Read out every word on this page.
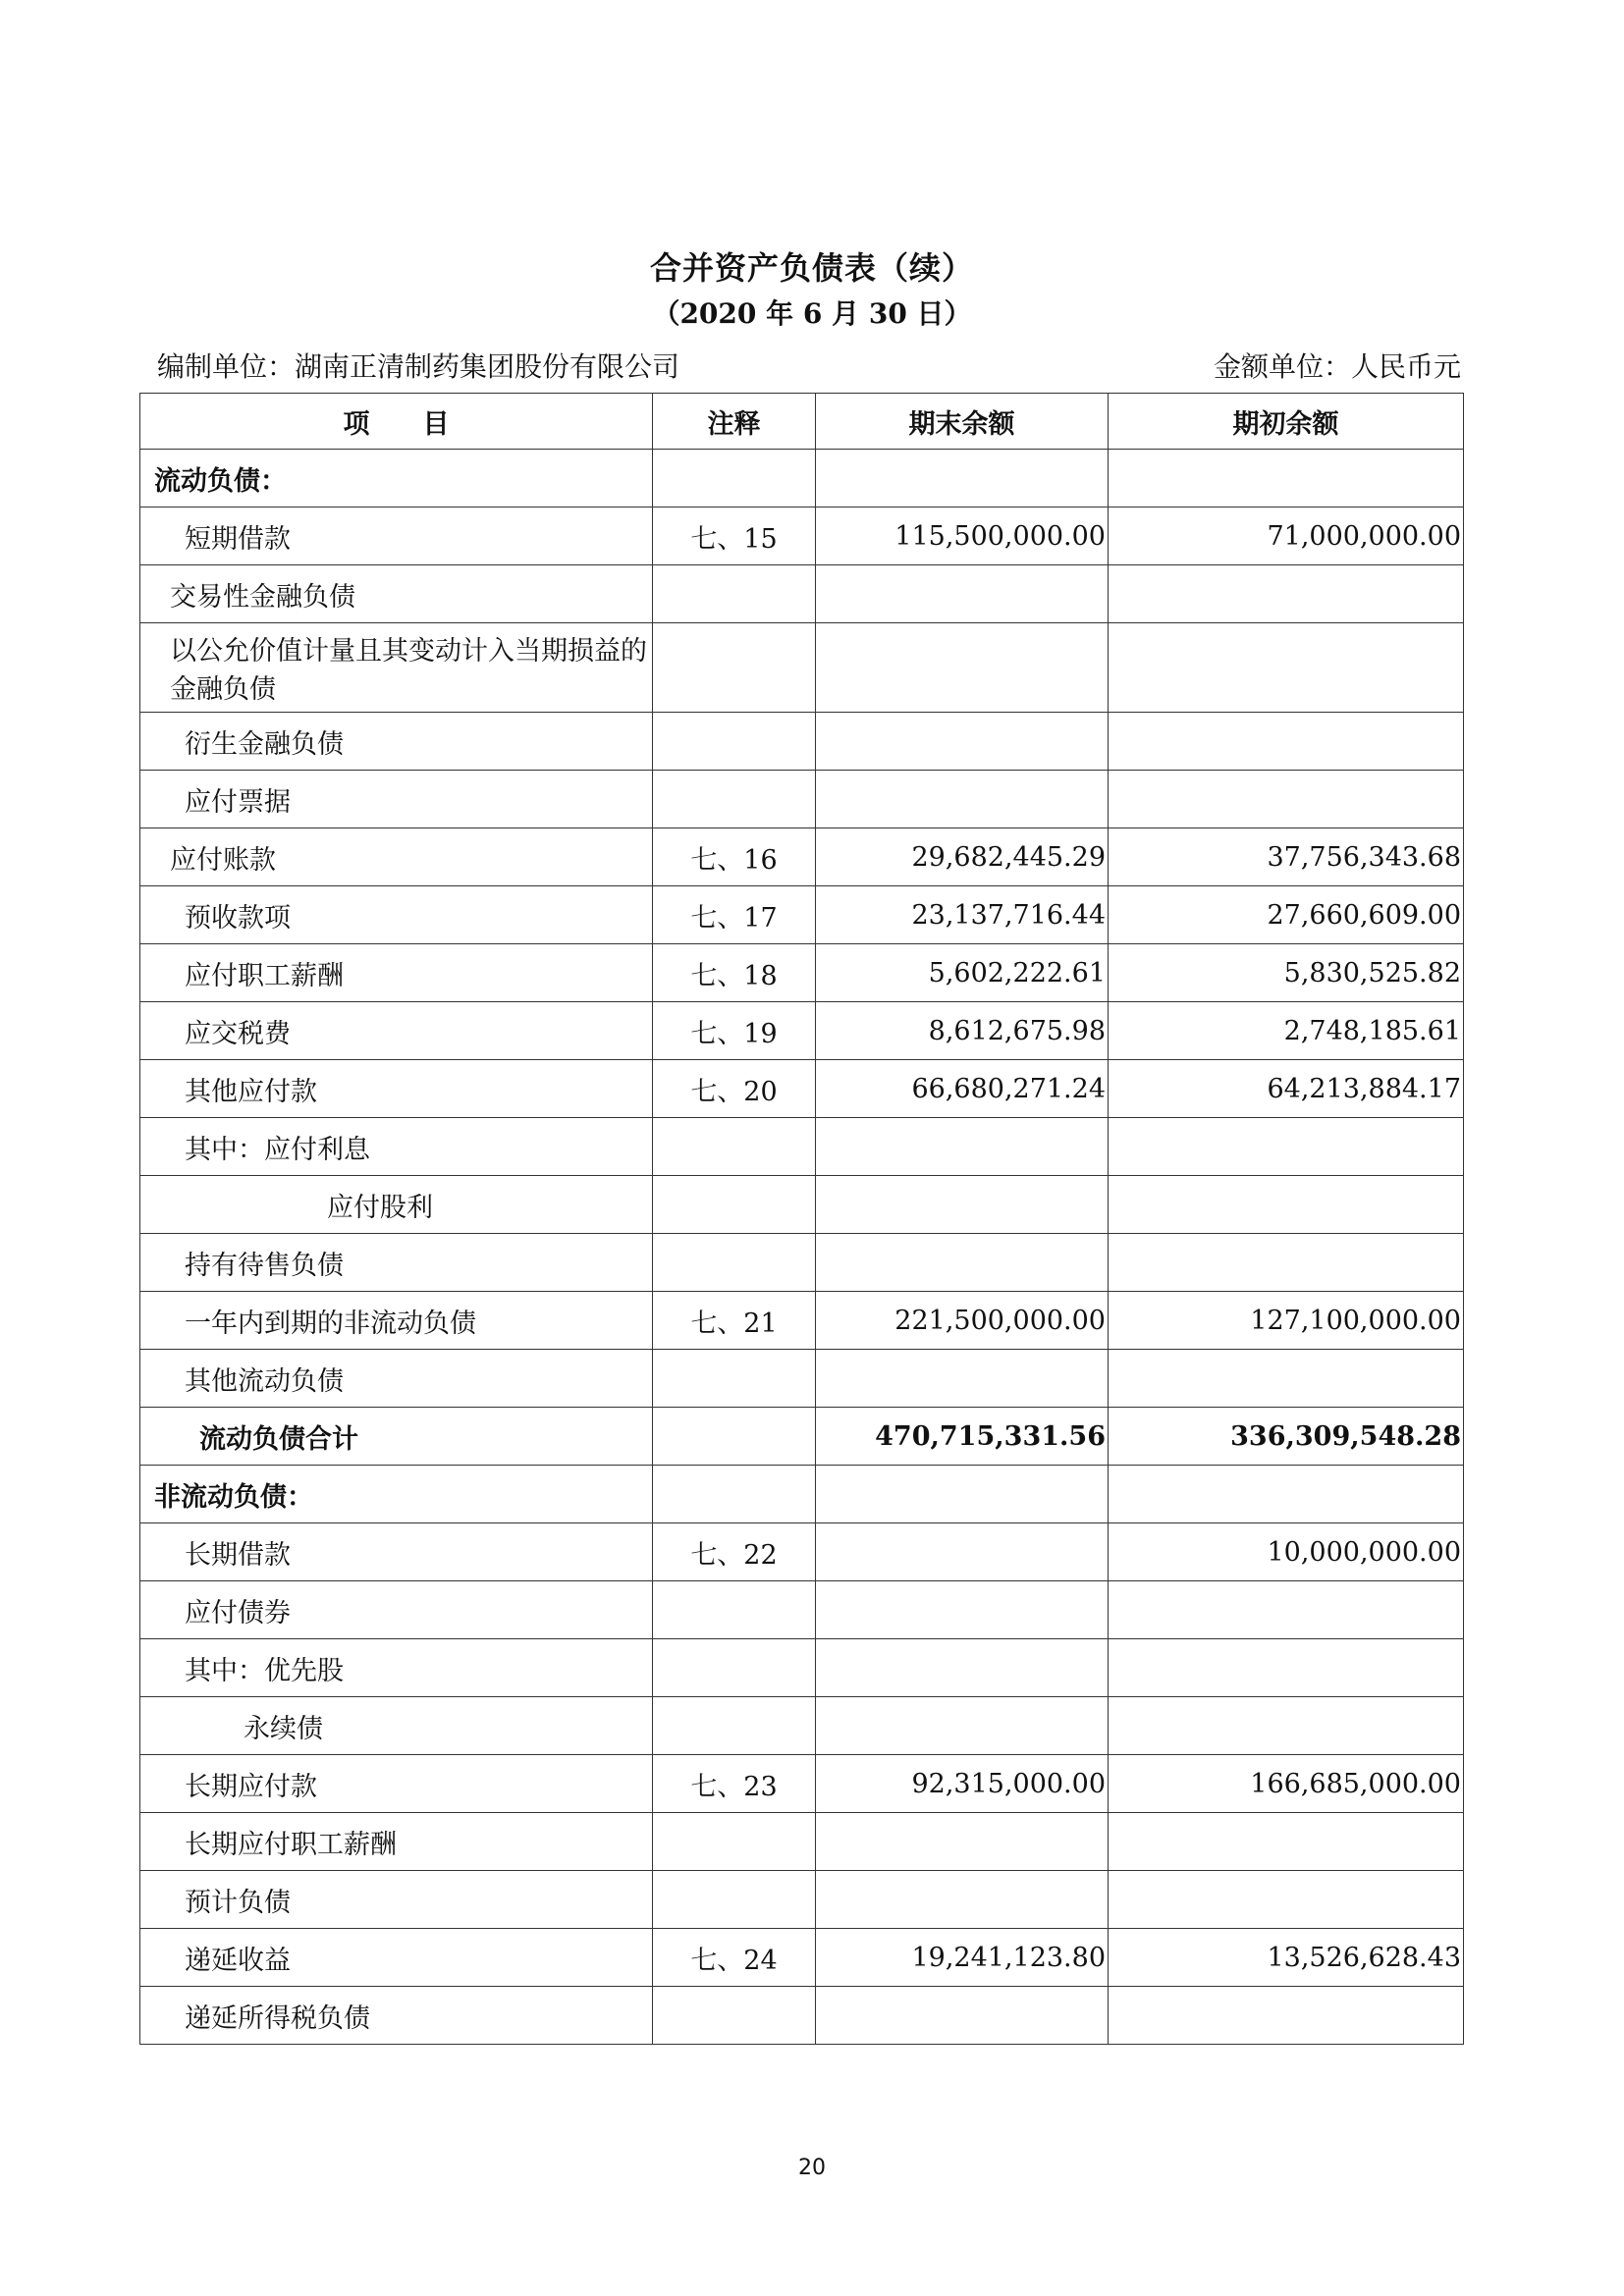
合并资产负债表（续）
（2020 年 6 月 30 日）
编制单位：湖南正清制药集团股份有限公司	金额单位：人民币元
项　　目	注释	期末余额	期初余额
流动负债：			
短期借款	七、15	115,500,000.00	71,000,000.00
交易性金融负债			
以公允价值计量且其变动计入当期损益的金融负债			
衍生金融负债			
应付票据			
应付账款	七、16	29,682,445.29	37,756,343.68
预收款项	七、17	23,137,716.44	27,660,609.00
应付职工薪酬	七、18	5,602,222.61	5,830,525.82
应交税费	七、19	8,612,675.98	2,748,185.61
其他应付款	七、20	66,680,271.24	64,213,884.17
其中：应付利息			
应付股利			
持有待售负债			
一年内到期的非流动负债	七、21	221,500,000.00	127,100,000.00
其他流动负债			
流动负债合计		470,715,331.56	336,309,548.28
非流动负债：			
长期借款	七、22		10,000,000.00
应付债券			
其中：优先股			
永续债			
长期应付款	七、23	92,315,000.00	166,685,000.00
长期应付职工薪酬			
预计负债			
递延收益	七、24	19,241,123.80	13,526,628.43
递延所得税负债			
20
